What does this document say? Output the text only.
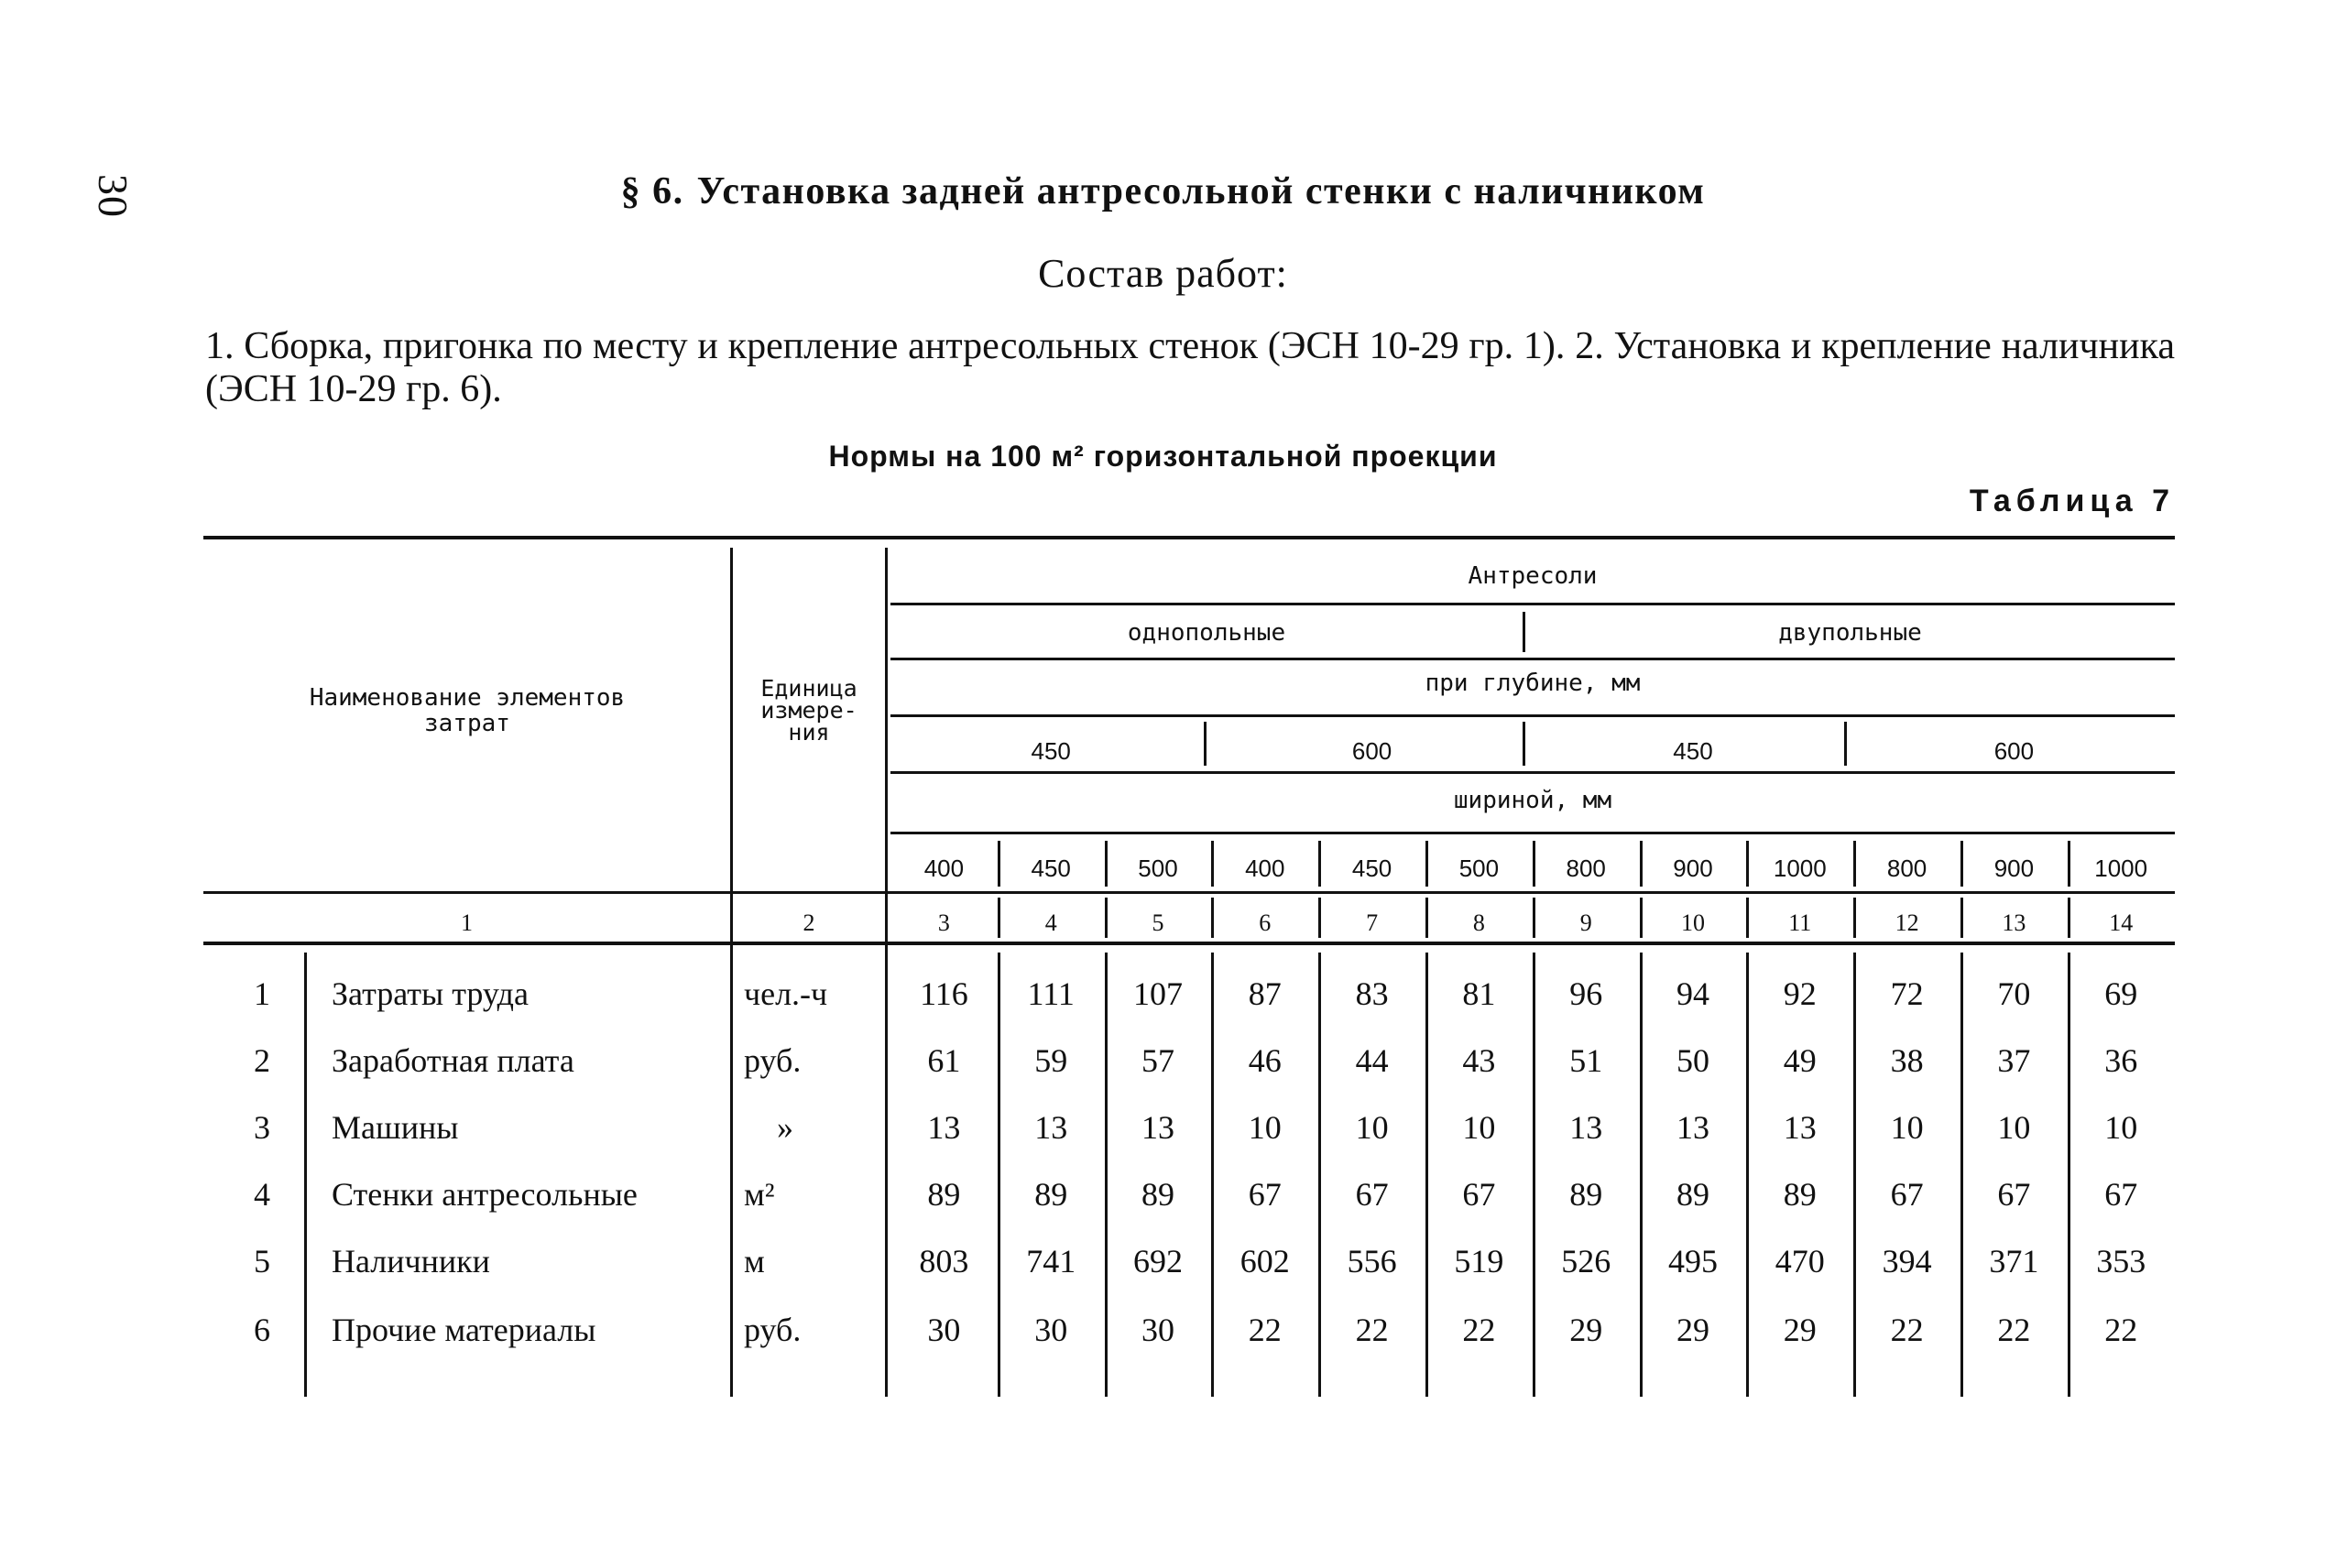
30	§ 6. Установка задней антресольной стенки с наличником
Состав работ:
1. Сборка, пригонка по месту и крепление антресольных стенок (ЭСН 10-29 гр. 1). 2. Установка и крепление наличника (ЭСН 10-29 гр. 6).
Нормы на 100 м² горизонтальной проекции
Таблица 7
Наименование элементов затрат
Единица измере-ния
Антресоли
однопольные	двупольные
при глубине, мм
шириной, мм
450	600	450	600
400	450	500	400	450	500	800	900	1000	800	900	1000
1	2	3	4	5	6	7	8	9	10	11	12	13	14
1	Затраты труда	чел.-ч	116	111	107	87	83	81	96	94	92	72	70	69
2	Заработная плата	руб.	61	59	57	46	44	43	51	50	49	38	37	36
3	Машины	»	13	13	13	10	10	10	13	13	13	10	10	10
4	Стенки антресольные	м²	89	89	89	67	67	67	89	89	89	67	67	67
5	Наличники	м	803	741	692	602	556	519	526	495	470	394	371	353
6	Прочие материалы	руб.	30	30	30	22	22	22	29	29	29	22	22	22
